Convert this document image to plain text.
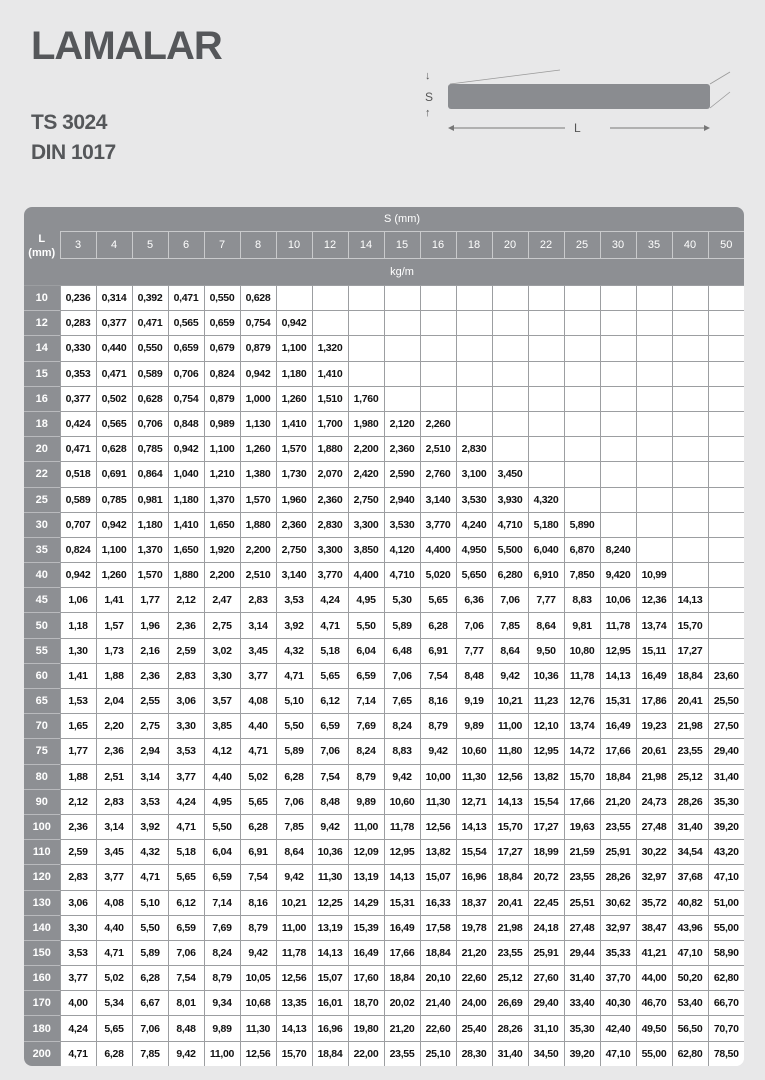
LAMALAR
TS 3024
DIN 1017
↓
S
↑
L
L
(mm)	S (mm)																		
	3	4	5	6	7	8	10	12	14	15	16	18	20	22	25	30	35	40	50
	kg/m																		
10	0,236	0,314	0,392	0,471	0,550	0,628													
12	0,283	0,377	0,471	0,565	0,659	0,754	0,942												
14	0,330	0,440	0,550	0,659	0,679	0,879	1,100	1,320											
15	0,353	0,471	0,589	0,706	0,824	0,942	1,180	1,410											
16	0,377	0,502	0,628	0,754	0,879	1,000	1,260	1,510	1,760										
18	0,424	0,565	0,706	0,848	0,989	1,130	1,410	1,700	1,980	2,120	2,260								
20	0,471	0,628	0,785	0,942	1,100	1,260	1,570	1,880	2,200	2,360	2,510	2,830							
22	0,518	0,691	0,864	1,040	1,210	1,380	1,730	2,070	2,420	2,590	2,760	3,100	3,450						
25	0,589	0,785	0,981	1,180	1,370	1,570	1,960	2,360	2,750	2,940	3,140	3,530	3,930	4,320					
30	0,707	0,942	1,180	1,410	1,650	1,880	2,360	2,830	3,300	3,530	3,770	4,240	4,710	5,180	5,890				
35	0,824	1,100	1,370	1,650	1,920	2,200	2,750	3,300	3,850	4,120	4,400	4,950	5,500	6,040	6,870	8,240			
40	0,942	1,260	1,570	1,880	2,200	2,510	3,140	3,770	4,400	4,710	5,020	5,650	6,280	6,910	7,850	9,420	10,99		
45	1,06	1,41	1,77	2,12	2,47	2,83	3,53	4,24	4,95	5,30	5,65	6,36	7,06	7,77	8,83	10,06	12,36	14,13	
50	1,18	1,57	1,96	2,36	2,75	3,14	3,92	4,71	5,50	5,89	6,28	7,06	7,85	8,64	9,81	11,78	13,74	15,70	
55	1,30	1,73	2,16	2,59	3,02	3,45	4,32	5,18	6,04	6,48	6,91	7,77	8,64	9,50	10,80	12,95	15,11	17,27	
60	1,41	1,88	2,36	2,83	3,30	3,77	4,71	5,65	6,59	7,06	7,54	8,48	9,42	10,36	11,78	14,13	16,49	18,84	23,60
65	1,53	2,04	2,55	3,06	3,57	4,08	5,10	6,12	7,14	7,65	8,16	9,19	10,21	11,23	12,76	15,31	17,86	20,41	25,50
70	1,65	2,20	2,75	3,30	3,85	4,40	5,50	6,59	7,69	8,24	8,79	9,89	11,00	12,10	13,74	16,49	19,23	21,98	27,50
75	1,77	2,36	2,94	3,53	4,12	4,71	5,89	7,06	8,24	8,83	9,42	10,60	11,80	12,95	14,72	17,66	20,61	23,55	29,40
80	1,88	2,51	3,14	3,77	4,40	5,02	6,28	7,54	8,79	9,42	10,00	11,30	12,56	13,82	15,70	18,84	21,98	25,12	31,40
90	2,12	2,83	3,53	4,24	4,95	5,65	7,06	8,48	9,89	10,60	11,30	12,71	14,13	15,54	17,66	21,20	24,73	28,26	35,30
100	2,36	3,14	3,92	4,71	5,50	6,28	7,85	9,42	11,00	11,78	12,56	14,13	15,70	17,27	19,63	23,55	27,48	31,40	39,20
110	2,59	3,45	4,32	5,18	6,04	6,91	8,64	10,36	12,09	12,95	13,82	15,54	17,27	18,99	21,59	25,91	30,22	34,54	43,20
120	2,83	3,77	4,71	5,65	6,59	7,54	9,42	11,30	13,19	14,13	15,07	16,96	18,84	20,72	23,55	28,26	32,97	37,68	47,10
130	3,06	4,08	5,10	6,12	7,14	8,16	10,21	12,25	14,29	15,31	16,33	18,37	20,41	22,45	25,51	30,62	35,72	40,82	51,00
140	3,30	4,40	5,50	6,59	7,69	8,79	11,00	13,19	15,39	16,49	17,58	19,78	21,98	24,18	27,48	32,97	38,47	43,96	55,00
150	3,53	4,71	5,89	7,06	8,24	9,42	11,78	14,13	16,49	17,66	18,84	21,20	23,55	25,91	29,44	35,33	41,21	47,10	58,90
160	3,77	5,02	6,28	7,54	8,79	10,05	12,56	15,07	17,60	18,84	20,10	22,60	25,12	27,60	31,40	37,70	44,00	50,20	62,80
170	4,00	5,34	6,67	8,01	9,34	10,68	13,35	16,01	18,70	20,02	21,40	24,00	26,69	29,40	33,40	40,30	46,70	53,40	66,70
180	4,24	5,65	7,06	8,48	9,89	11,30	14,13	16,96	19,80	21,20	22,60	25,40	28,26	31,10	35,30	42,40	49,50	56,50	70,70
200	4,71	6,28	7,85	9,42	11,00	12,56	15,70	18,84	22,00	23,55	25,10	28,30	31,40	34,50	39,20	47,10	55,00	62,80	78,50
